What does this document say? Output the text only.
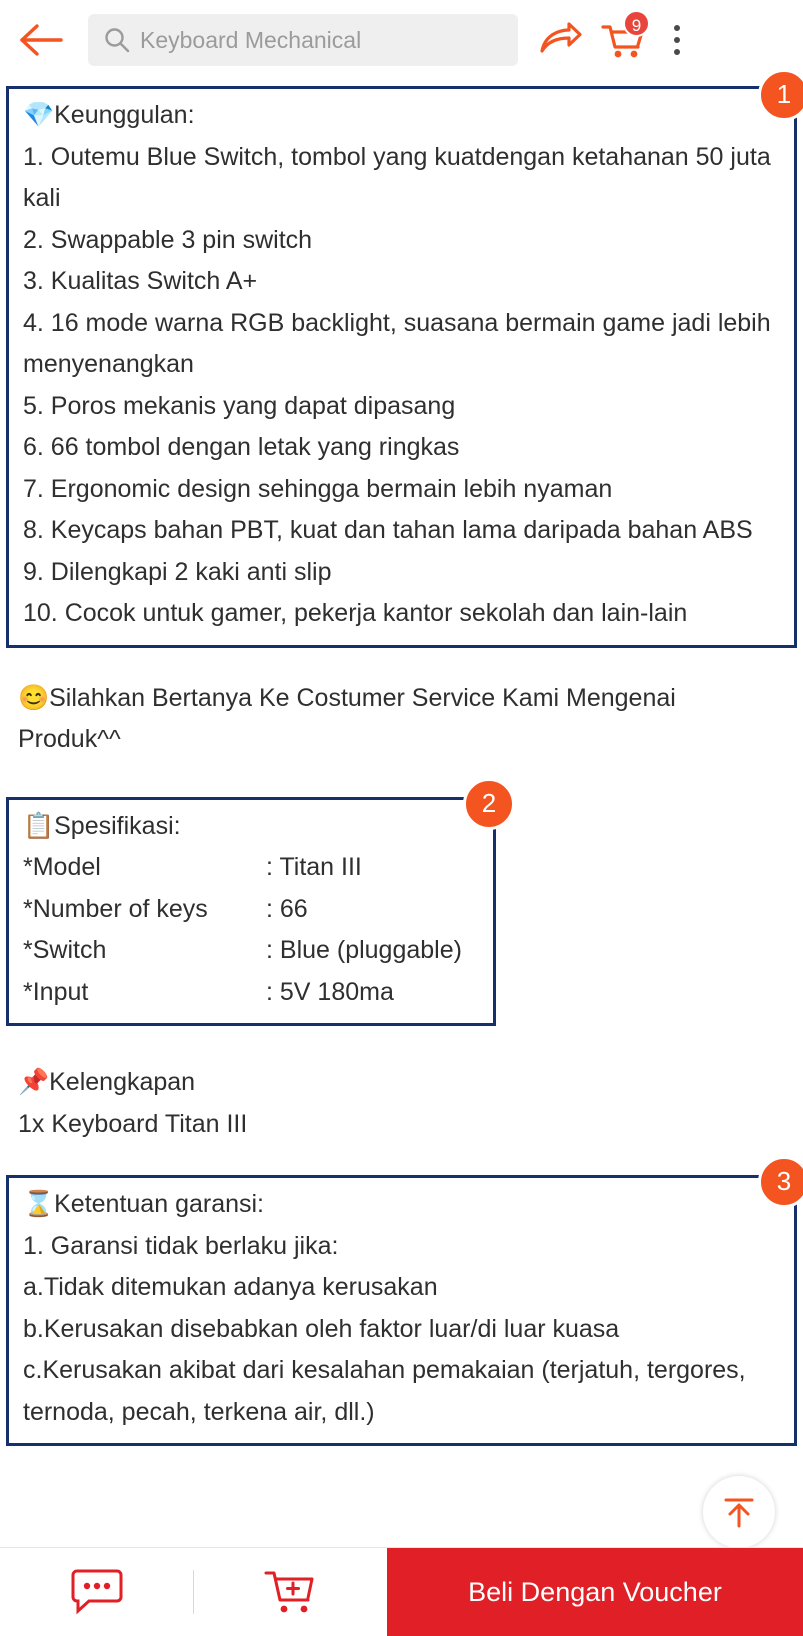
Keyboard Mechanical
9
1
💎Keunggulan:
1. Outemu Blue Switch, tombol yang kuatdengan ketahanan 50 juta kali
2. Swappable 3 pin switch
3. Kualitas Switch A+
4. 16 mode warna RGB backlight, suasana bermain game jadi lebih menyenangkan
5. Poros mekanis yang dapat dipasang
6. 66 tombol dengan letak yang ringkas
7. Ergonomic design sehingga bermain lebih nyaman
8. Keycaps bahan PBT, kuat dan tahan lama daripada bahan ABS
9. Dilengkapi 2 kaki anti slip
10. Cocok untuk gamer, pekerja kantor sekolah dan lain-lain
😊Silahkan Bertanya Ke Costumer Service Kami Mengenai Produk^^
2
📋Spesifikasi:
*Model	: Titan III
*Number of keys	: 66
*Switch	: Blue (pluggable)
*Input	: 5V 180ma
📌Kelengkapan
1x Keyboard Titan III
3
⌛Ketentuan garansi:
1. Garansi tidak berlaku jika:
a.Tidak ditemukan adanya kerusakan
b.Kerusakan disebabkan oleh faktor luar/di luar kuasa
c.Kerusakan akibat dari kesalahan pemakaian (terjatuh, tergores, ternoda, pecah, terkena air, dll.)
Beli Dengan Voucher
